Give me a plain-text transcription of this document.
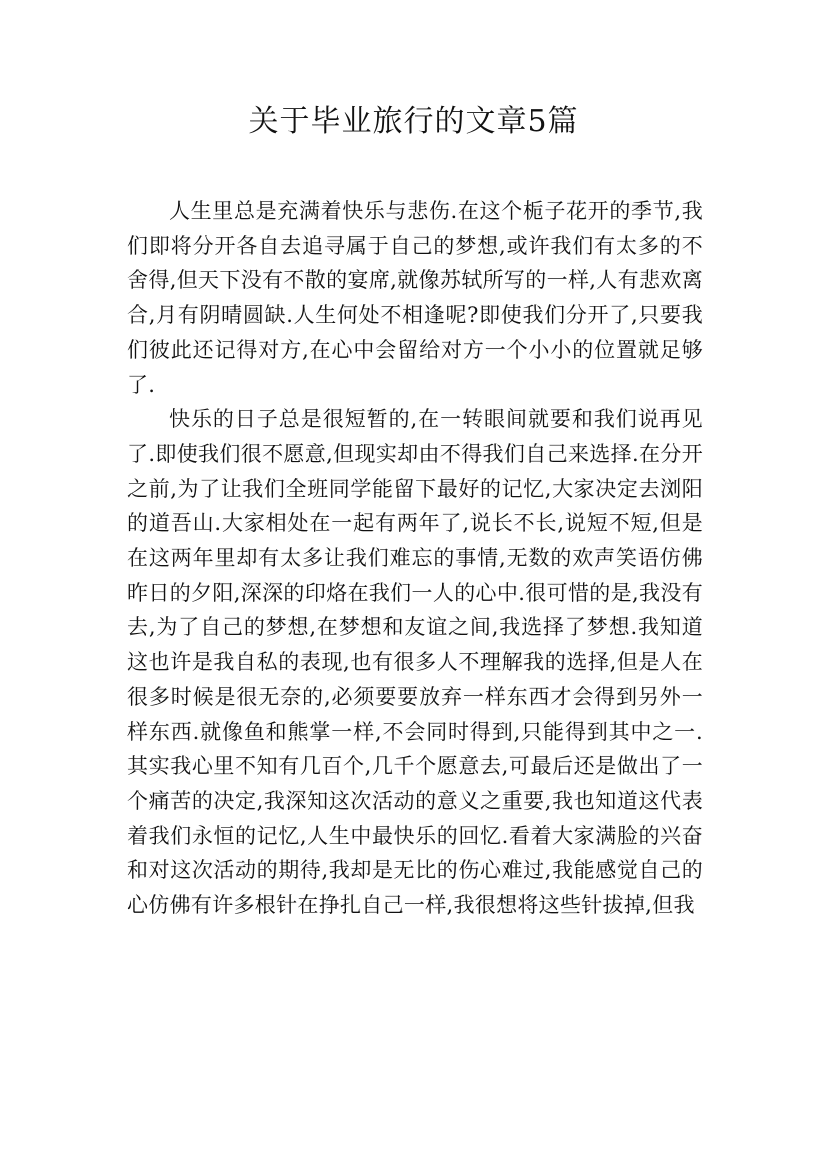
关于毕业旅行的文章5篇

人生里总是充满着快乐与悲伤.在这个栀子花开的季节,我们即将分开各自去追寻属于自己的梦想,或许我们有太多的不舍得,但天下没有不散的宴席,就像苏轼所写的一样,人有悲欢离合,月有阴晴圆缺.人生何处不相逢呢?即使我们分开了,只要我们彼此还记得对方,在心中会留给对方一个小小的位置就足够了.

快乐的日子总是很短暂的,在一转眼间就要和我们说再见了.即使我们很不愿意,但现实却由不得我们自己来选择.在分开之前,为了让我们全班同学能留下最好的记忆,大家决定去浏阳的道吾山.大家相处在一起有两年了,说长不长,说短不短,但是在这两年里却有太多让我们难忘的事情,无数的欢声笑语仿佛昨日的夕阳,深深的印烙在我们一人的心中.很可惜的是,我没有去,为了自己的梦想,在梦想和友谊之间,我选择了梦想.我知道这也许是我自私的表现,也有很多人不理解我的选择,但是人在很多时候是很无奈的,必须要要放弃一样东西才会得到另外一样东西.就像鱼和熊掌一样,不会同时得到,只能得到其中之一.其实我心里不知有几百个,几千个愿意去,可最后还是做出了一个痛苦的决定,我深知这次活动的意义之重要,我也知道这代表着我们永恒的记忆,人生中最快乐的回忆.看着大家满脸的兴奋和对这次活动的期待,我却是无比的伤心难过,我能感觉自己的心仿佛有许多根针在挣扎自己一样,我很想将这些针拔掉,但我
